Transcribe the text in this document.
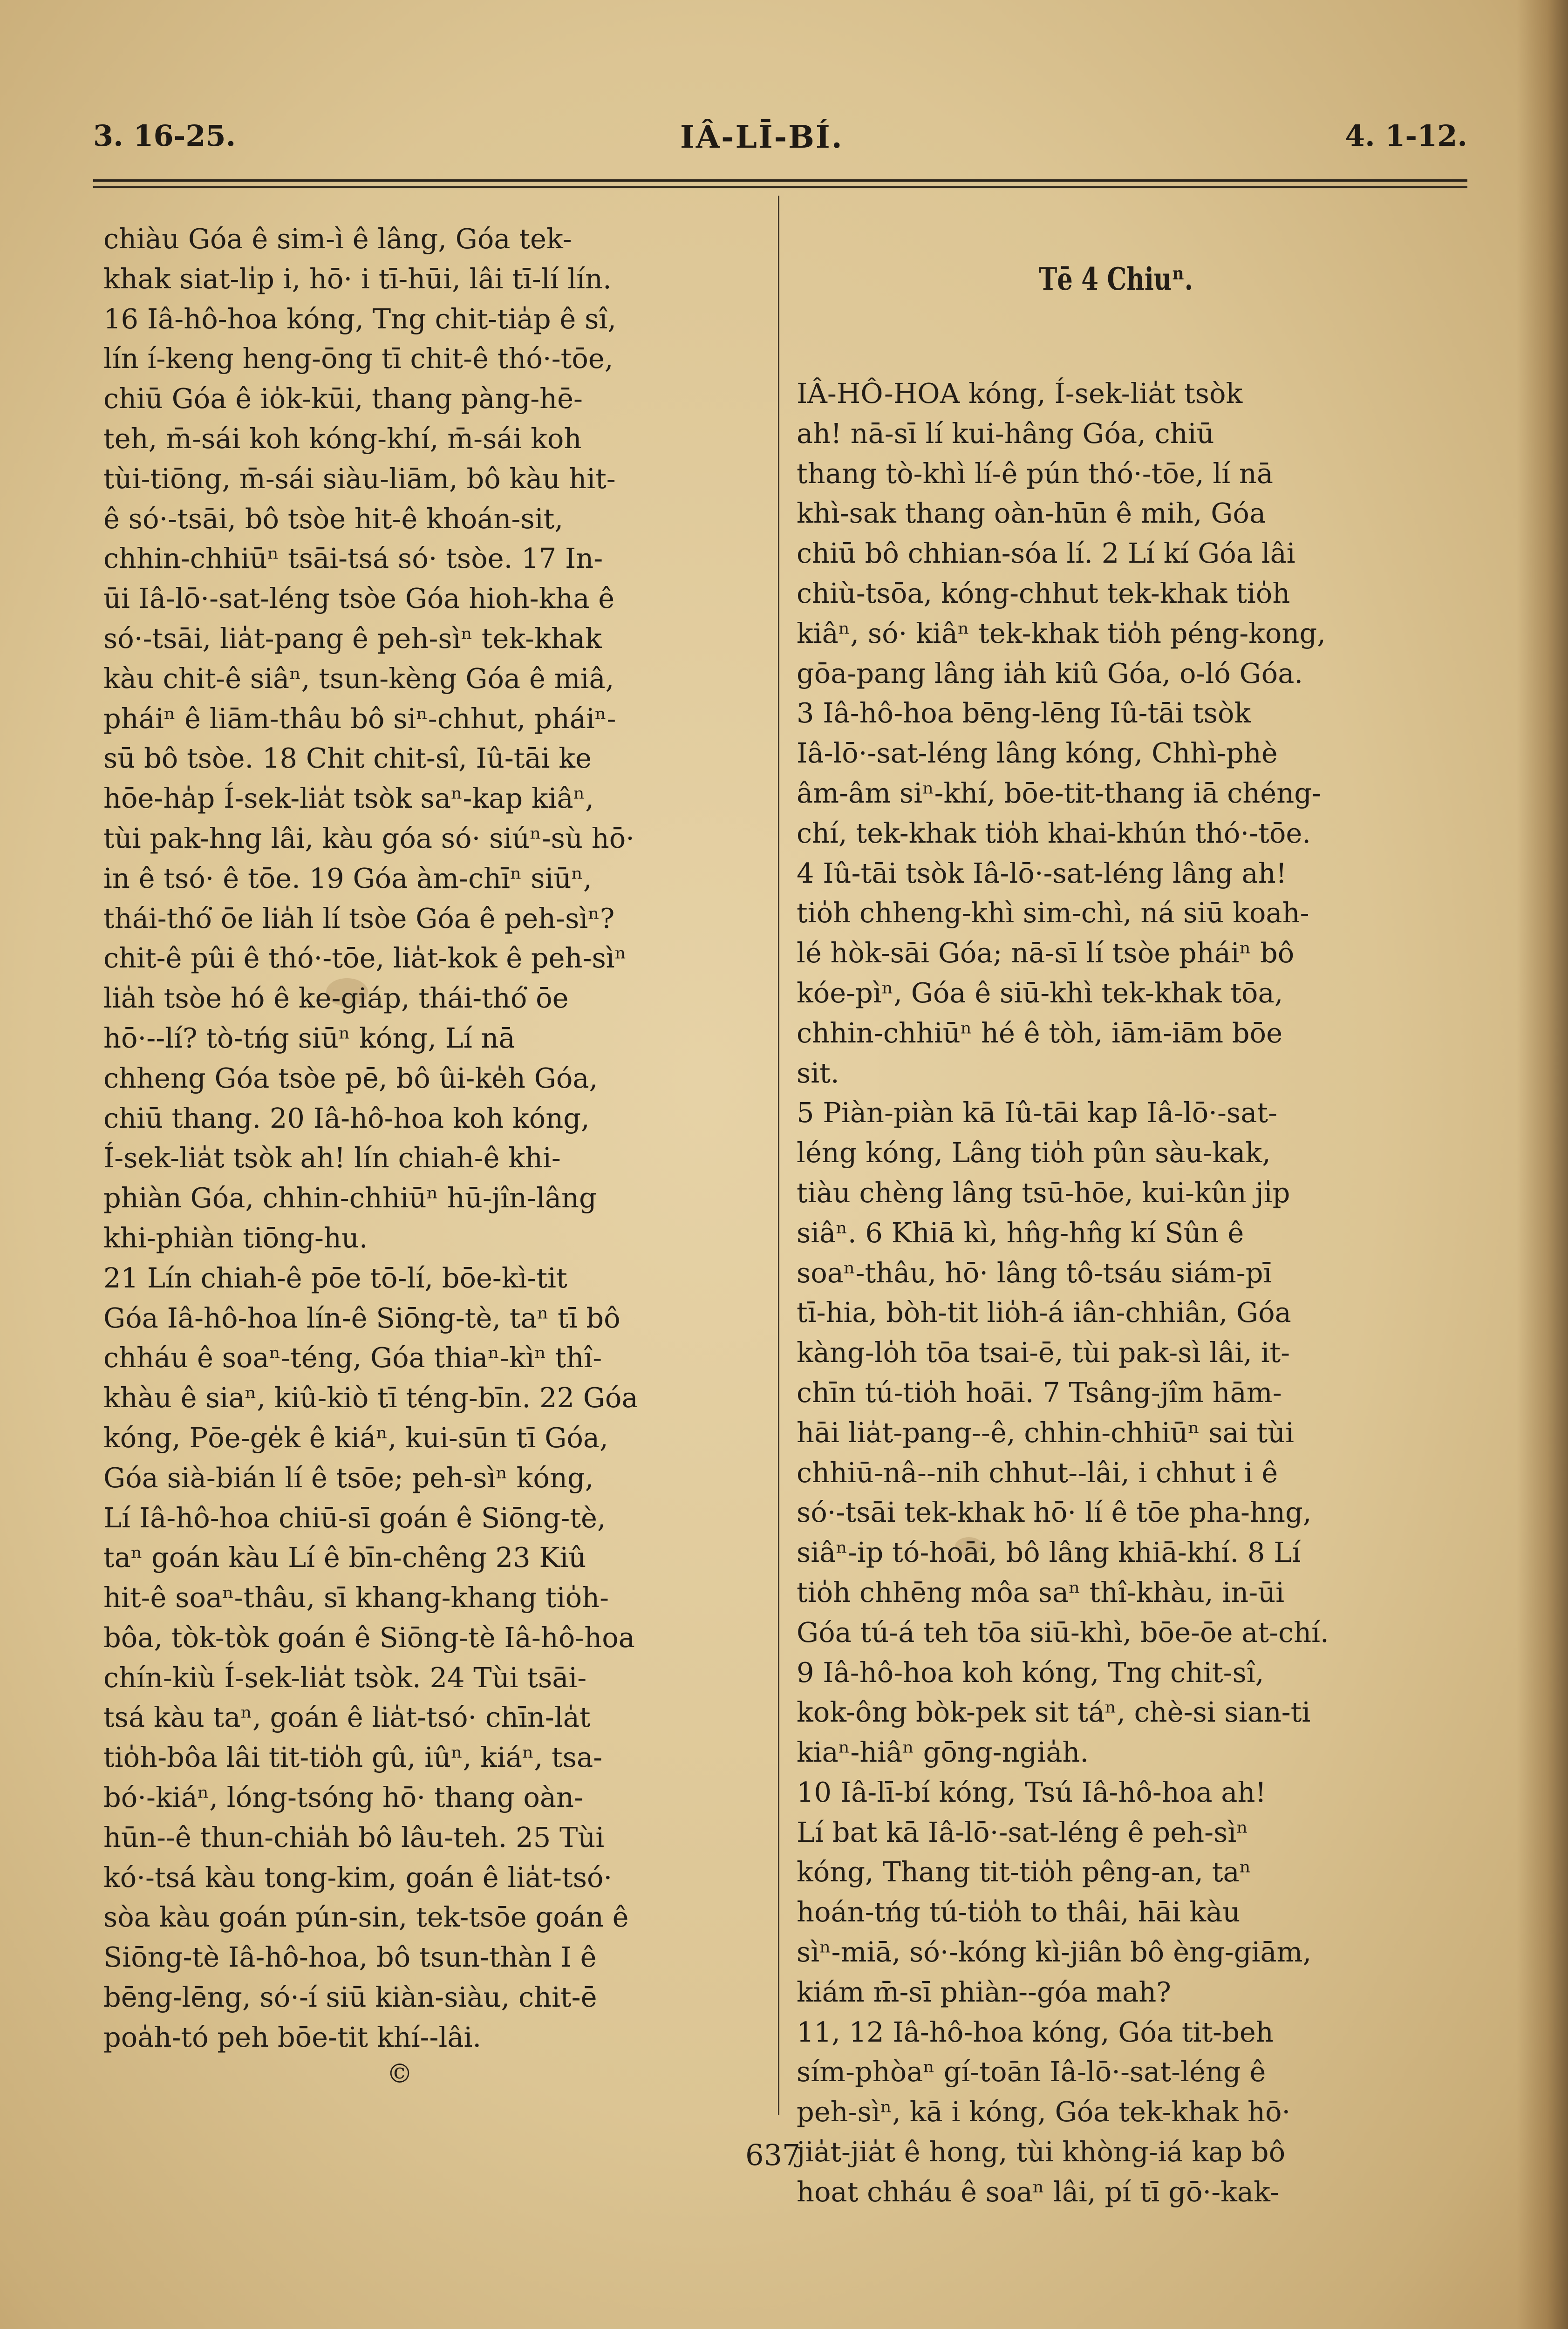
3. 16-25.	IÂ-LĪ-BÍ.	4. 1-12.
chiàu Góa ê sim-ì ê lâng, Góa tek-
khak siat-li̍p i, hō· i tī-hūi, lâi tī-lí lín.
16 Iâ-hô-hoa kóng, Tng chit-tia̍p ê sî,
lín í-keng heng-ōng tī chit-ê thó·-tōe,
chiū Góa ê io̍k-kūi, thang pàng-hē-
teh, m̄-sái koh kóng-khí, m̄-sái koh
tùi-tiōng, m̄-sái siàu-liām, bô kàu hit-
ê só·-tsāi, bô tsòe hit-ê khoán-sit,
chhin-chhiūⁿ tsāi-tsá só· tsòe. 17 In-
ūi Iâ-lō·-sat-léng tsòe Góa hioh-kha ê
só·-tsāi, lia̍t-pang ê peh-sìⁿ tek-khak
kàu chit-ê siâⁿ, tsun-kèng Góa ê miâ,
pháiⁿ ê liām-thâu bô siⁿ-chhut, pháiⁿ-
sū bô tsòe. 18 Chit chit-sî, Iû-tāi ke
hōe-ha̍p Í-sek-lia̍t tsòk saⁿ-kap kiâⁿ,
tùi pak-hng lâi, kàu góa só· siúⁿ-sù hō·
in ê tsó· ê tōe. 19 Góa àm-chīⁿ siūⁿ,
thái-thó͘ ōe lia̍h lí tsòe Góa ê peh-sìⁿ?
chit-ê pûi ê thó·-tōe, lia̍t-kok ê peh-sìⁿ
lia̍h tsòe hó ê ke-giáp, thái-thó͘ ōe
hō·--lí? tò-tńg siūⁿ kóng, Lí nā
chheng Góa tsòe pē, bô ûi-ke̍h Góa,
chiū thang. 20 Iâ-hô-hoa koh kóng,
Í-sek-lia̍t tsòk ah! lín chiah-ê khi-
phiàn Góa, chhin-chhiūⁿ hū-jîn-lâng
khi-phiàn tiōng-hu.
21 Lín chiah-ê pōe tō-lí, bōe-kì-tit
Góa Iâ-hô-hoa lín-ê Siōng-tè, taⁿ tī bô
chháu ê soaⁿ-téng, Góa thiaⁿ-kìⁿ thî-
khàu ê siaⁿ, kiû-kiò tī téng-bīn. 22 Góa
kóng, Pōe-ge̍k ê kiáⁿ, kui-sūn tī Góa,
Góa sià-bián lí ê tsōe; peh-sìⁿ kóng,
Lí Iâ-hô-hoa chiū-sī goán ê Siōng-tè,
taⁿ goán kàu Lí ê bīn-chêng 23 Kiû
hit-ê soaⁿ-thâu, sī khang-khang tio̍h-
bôa, tòk-tòk goán ê Siōng-tè Iâ-hô-hoa
chín-kiù Í-sek-lia̍t tsòk. 24 Tùi tsāi-
tsá kàu taⁿ, goán ê lia̍t-tsó· chīn-la̍t
tio̍h-bôa lâi tit-tio̍h gû, iûⁿ, kiáⁿ, tsa-
bó·-kiáⁿ, lóng-tsóng hō· thang oàn-
hūn--ê thun-chia̍h bô lâu-teh. 25 Tùi
kó·-tsá kàu tong-kim, goán ê lia̍t-tsó·
sòa kàu goán pún-sin, tek-tsōe goán ê
Siōng-tè Iâ-hô-hoa, bô tsun-thàn I ê
bēng-lēng, só·-í siū kiàn-siàu, chit-ē
poa̍h-tó peh bōe-tit khí--lâi.
Tē 4 Chiuⁿ.
IÂ-HÔ-HOA kóng, Í-sek-lia̍t tsòk
ah! nā-sī lí kui-hâng Góa, chiū
thang tò-khì lí-ê pún thó·-tōe, lí nā
khì-sak thang oàn-hūn ê mih, Góa
chiū bô chhian-sóa lí. 2 Lí kí Góa lâi
chiù-tsōa, kóng-chhut tek-khak tio̍h
kiâⁿ, só· kiâⁿ tek-khak tio̍h péng-kong,
gōa-pang lâng ia̍h kiû Góa, o-ló Góa.
3 Iâ-hô-hoa bēng-lēng Iû-tāi tsòk
Iâ-lō·-sat-léng lâng kóng, Chhì-phè
âm-âm siⁿ-khí, bōe-tit-thang iā chéng-
chí, tek-khak tio̍h khai-khún thó·-tōe.
4 Iû-tāi tsòk Iâ-lō·-sat-léng lâng ah!
tio̍h chheng-khì sim-chì, ná siū koah-
lé hòk-sāi Góa; nā-sī lí tsòe pháiⁿ bô
kóe-pìⁿ, Góa ê siū-khì tek-khak tōa,
chhin-chhiūⁿ hé ê tòh, iām-iām bōe
sit.
5 Piàn-piàn kā Iû-tāi kap Iâ-lō·-sat-
léng kóng, Lâng tio̍h pûn sàu-kak,
tiàu chèng lâng tsū-hōe, kui-kûn ji̍p
siâⁿ. 6 Khiā kì, hn̂g-hn̂g kí Sûn ê
soaⁿ-thâu, hō· lâng tô-tsáu siám-pī
tī-hia, bòh-tit lio̍h-á iân-chhiân, Góa
kàng-lo̍h tōa tsai-ē, tùi pak-sì lâi, it-
chīn tú-tio̍h hoāi. 7 Tsâng-jîm hām-
hāi lia̍t-pang--ê, chhin-chhiūⁿ sai tùi
chhiū-nâ--nih chhut--lâi, i chhut i ê
só·-tsāi tek-khak hō· lí ê tōe pha-hng,
siâⁿ-ip tó-hoāi, bô lâng khiā-khí. 8 Lí
tio̍h chhēng môa saⁿ thî-khàu, in-ūi
Góa tú-á teh tōa siū-khì, bōe-ōe at-chí.
9 Iâ-hô-hoa koh kóng, Tng chit-sî,
kok-ông bòk-pek sit táⁿ, chè-si sian-ti
kiaⁿ-hiâⁿ gōng-ngia̍h.
10 Iâ-lī-bí kóng, Tsú Iâ-hô-hoa ah!
Lí bat kā Iâ-lō·-sat-léng ê peh-sìⁿ
kóng, Thang tit-tio̍h pêng-an, taⁿ
hoán-tńg tú-tio̍h to thâi, hāi kàu
sìⁿ-miā, só·-kóng kì-jiân bô èng-giām,
kiám m̄-sī phiàn--góa mah?
11, 12 Iâ-hô-hoa kóng, Góa tit-beh
sím-phòaⁿ gí-toān Iâ-lō·-sat-léng ê
peh-sìⁿ, kā i kóng, Góa tek-khak hō·
jia̍t-jia̍t ê hong, tùi khòng-iá kap bô
hoat chháu ê soaⁿ lâi, pí tī gō·-kak-
©
637
